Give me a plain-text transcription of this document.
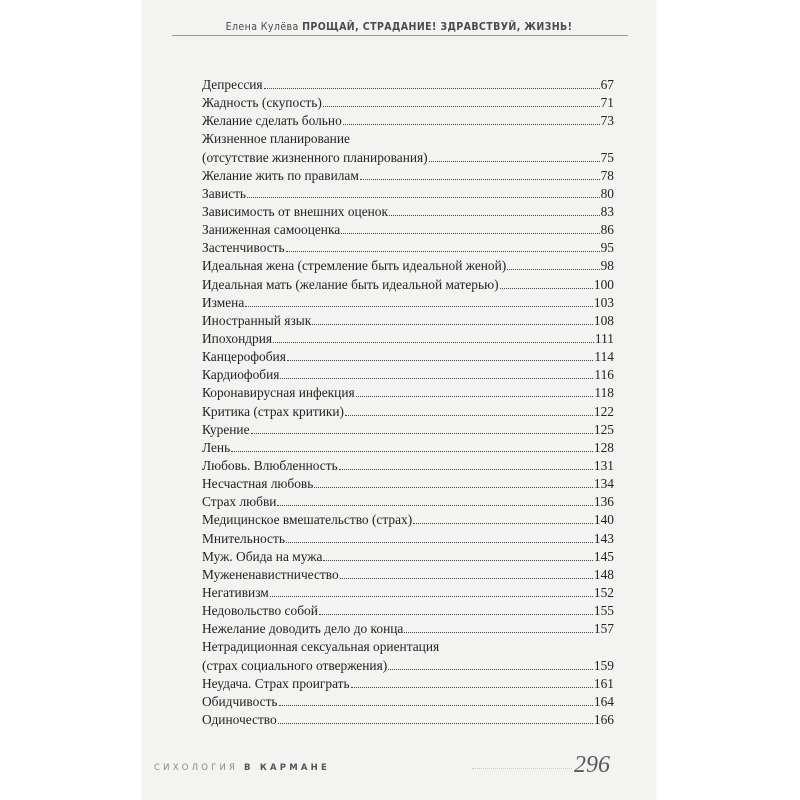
Елена Кулёва ПРОЩАЙ, СТРАДАНИЕ! ЗДРАВСТВУЙ, ЖИЗНЬ!
Депрессия	67
Жадность (скупость)	71
Желание сделать больно	73
Жизненное планирование
(отсутствие жизненного планирования)	75
Желание жить по правилам	78
Зависть	80
Зависимость от внешних оценок	83
Заниженная самооценка	86
Застенчивость	95
Идеальная жена (стремление быть идеальной женой)	98
Идеальная мать (желание быть идеальной матерью)	100
Измена	103
Иностранный язык	108
Ипохондрия	111
Канцерофобия	114
Кардиофобия	116
Коронавирусная инфекция	118
Критика (страх критики)	122
Курение	125
Лень	128
Любовь. Влюбленность	131
Несчастная любовь	134
Страх любви	136
Медицинское вмешательство (страх)	140
Мнительность	143
Муж. Обида на мужа	145
Мужененавистничество	148
Негативизм	152
Недовольство собой	155
Нежелание доводить дело до конца	157
Нетрадиционная сексуальная ориентация
(страх социального отвержения)	159
Неудача. Страх проиграть	161
Обидчивость	164
Одиночество	166
СИХОЛОГИЯ В КАРМАНЕ	296
